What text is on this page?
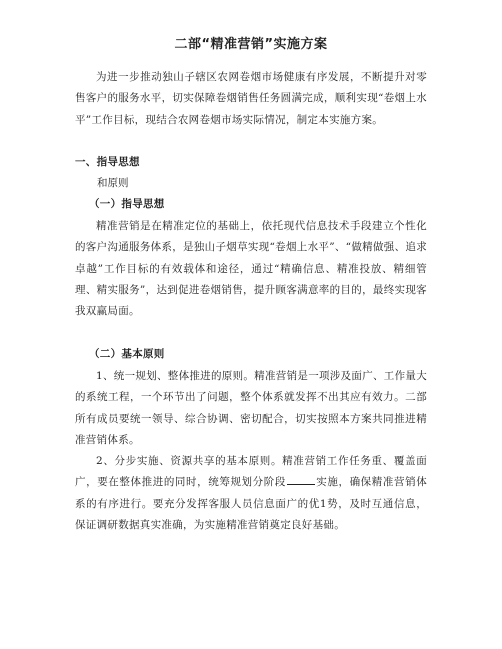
二部“精准营销”实施方案

为进一步推动独山子辖区农网卷烟市场健康有序发展，不断提升对零售客户的服务水平，切实保障卷烟销售任务圆满完成，顺利实现“卷烟上水平”工作目标，现结合农网卷烟市场实际情况，制定本实施方案。

一、指导思想
和原则
（一）指导思想

精准营销是在精准定位的基础上，依托现代信息技术手段建立个性化的客户沟通服务体系，是独山子烟草实现“卷烟上水平”、“做精做强、追求卓越”工作目标的有效载体和途径，通过“精确信息、精准投放、精细管理、精实服务”，达到促进卷烟销售，提升顾客满意率的目的，最终实现客我双赢局面。

（二）基本原则

1、统一规划、整体推进的原则。精准营销是一项涉及面广、工作量大的系统工程，一个环节出了问题，整个体系就发挥不出其应有效力。二部所有成员要统一领导、综合协调、密切配合，切实按照本方案共同推进精准营销体系。

2、分步实施、资源共享的基本原则。精准营销工作任务重、覆盖面广，要在整体推进的同时，统筹规划分阶段	实施，确保精准营销体系的有序进行。要充分发挥客服人员信息面广的优1势，及时互通信息，保证调研数据真实准确，为实施精准营销奠定良好基础。
